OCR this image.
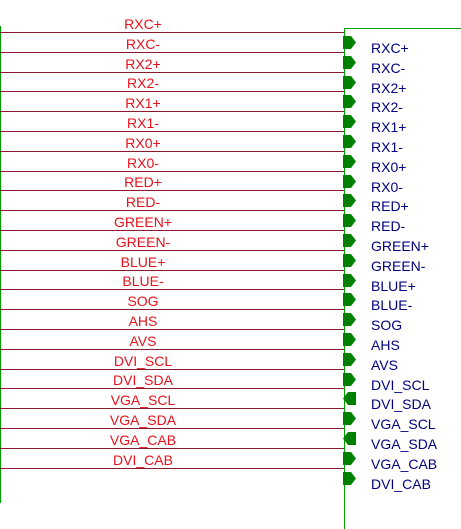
RXC+
RXC+
RXC-
RXC-
RX2+
RX2+
RX2-
RX2-
RX1+
RX1+
RX1-
RX1-
RX0+
RX0+
RX0-
RX0-
RED+
RED+
RED-
RED-
GREEN+
GREEN+
GREEN-
GREEN-
BLUE+
BLUE+
BLUE-
BLUE-
SOG
SOG
AHS
AHS
AVS
AVS
DVI_SCL
DVI_SCL
DVI_SDA
DVI_SDA
VGA_SCL
VGA_SCL
VGA_SDA
VGA_SDA
VGA_CAB
VGA_CAB
DVI_CAB
DVI_CAB
